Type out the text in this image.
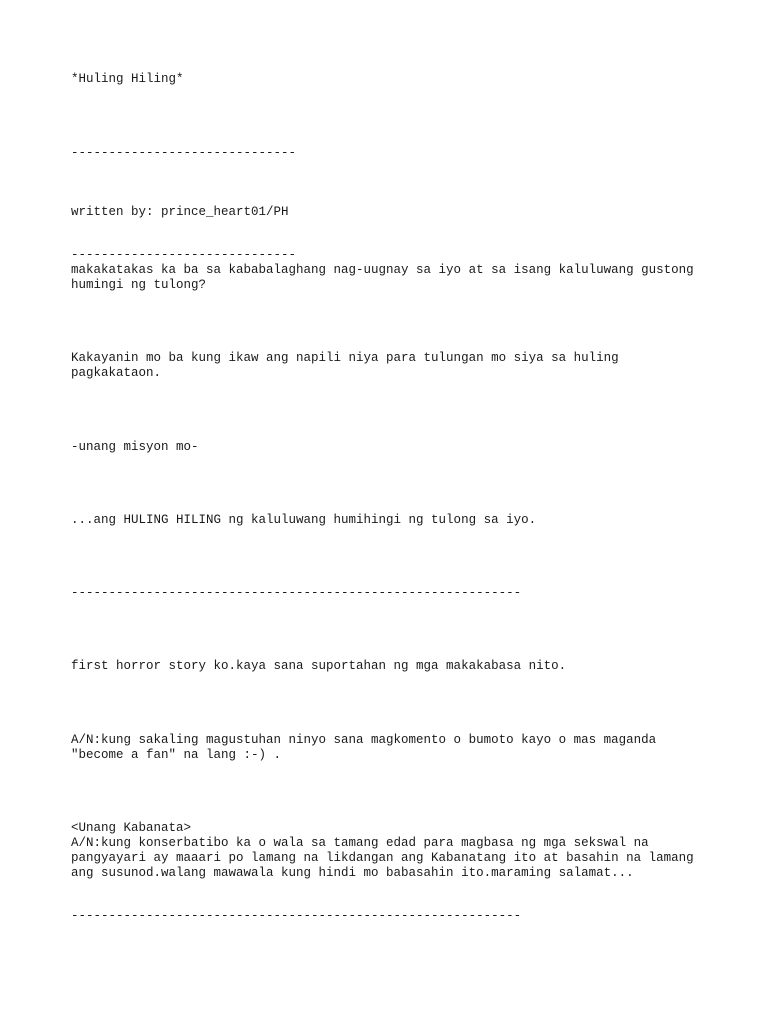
*Huling Hiling*

------------------------------

written by: prince_heart01/PH

------------------------------

makakatakas ka ba sa kababalaghang nag-uugnay sa iyo at sa isang kaluluwang gustong
humingi ng tulong?

Kakayanin mo ba kung ikaw ang napili niya para tulungan mo siya sa huling
pagkakataon.

-unang misyon mo-

...ang HULING HILING ng kaluluwang humihingi ng tulong sa iyo.

------------------------------------------------------------

first horror story ko.kaya sana suportahan ng mga makakabasa nito.

A/N:kung sakaling magustuhan ninyo sana magkomento o bumoto kayo o mas maganda
"become a fan" na lang :-) .

<Unang Kabanata>

A/N:kung konserbatibo ka o wala sa tamang edad para magbasa ng mga sekswal na
pangyayari ay maaari po lamang na likdangan ang Kabanatang ito at basahin na lamang
ang susunod.walang mawawala kung hindi mo babasahin ito.maraming salamat...

------------------------------------------------------------
